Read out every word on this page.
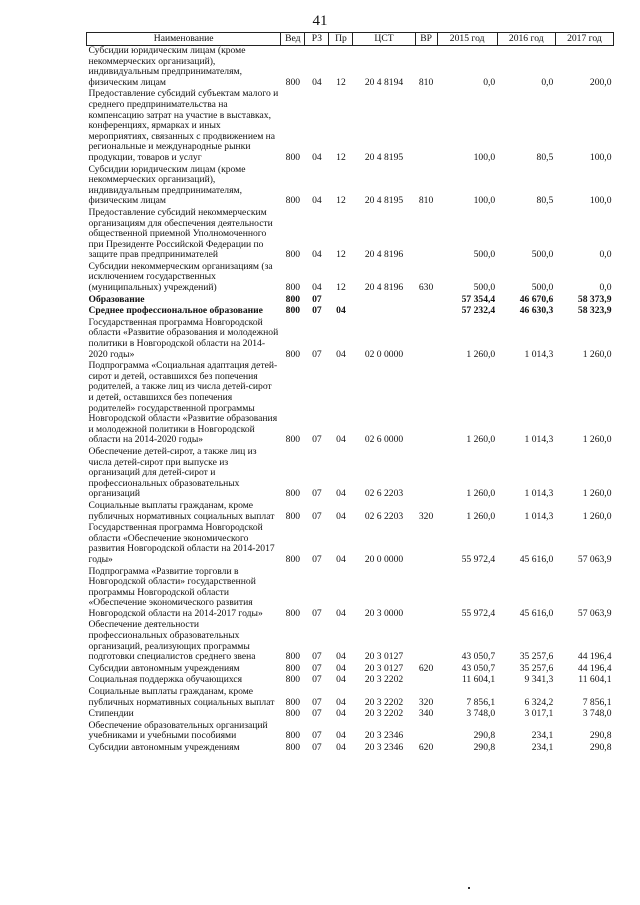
41
Наименование	Вед	РЗ	Пр	ЦСТ	ВР	2015 год	2016 год	2017 год
Субсидии юридическим лицам (кроме некоммерческих организаций), индивидуальным предпринимателям, физическим лицам	800	04	12	20 4 8194	810	0,0	0,0	200,0
Предоставление субсидий субъектам малого и среднего предпринимательства на компенсацию затрат на участие в выставках, конференциях, ярмарках и иных мероприятиях, связанных с продвижением на региональные и международные рынки продукции, товаров и услуг	800	04	12	20 4 8195		100,0	80,5	100,0
Субсидии юридическим лицам (кроме некоммерческих организаций), индивидуальным предпринимателям, физическим лицам	800	04	12	20 4 8195	810	100,0	80,5	100,0
Предоставление субсидий некоммерческим организациям для обеспечения деятельности общественной приемной Уполномоченного при Президенте Российской Федерации по защите прав предпринимателей	800	04	12	20 4 8196		500,0	500,0	0,0
Субсидии некоммерческим организациям (за исключением государственных (муниципальных) учреждений)	800	04	12	20 4 8196	630	500,0	500,0	0,0
Образование	800	07				57 354,4	46 670,6	58 373,9
Среднее профессиональное образование	800	07	04			57 232,4	46 630,3	58 323,9
Государственная программа Новгородской области «Развитие образования и молодежной политики в Новгородской области на 2014-2020 годы»	800	07	04	02 0 0000		1 260,0	1 014,3	1 260,0
Подпрограмма «Социальная адаптация детей-сирот и детей, оставшихся без попечения родителей, а также лиц из числа детей-сирот и детей, оставшихся без попечения родителей» государственной программы Новгородской области «Развитие образования и молодежной политики в Новгородской области на 2014-2020 годы»	800	07	04	02 6 0000		1 260,0	1 014,3	1 260,0
Обеспечение детей-сирот, а также лиц из числа детей-сирот при выпуске из организаций для детей-сирот и профессиональных образовательных организаций	800	07	04	02 6 2203		1 260,0	1 014,3	1 260,0
Социальные выплаты гражданам, кроме публичных нормативных социальных выплат	800	07	04	02 6 2203	320	1 260,0	1 014,3	1 260,0
Государственная программа Новгородской области «Обеспечение экономического развития Новгородской области на 2014-2017 годы»	800	07	04	20 0 0000		55 972,4	45 616,0	57 063,9
Подпрограмма «Развитие торговли в Новгородской области» государственной программы Новгородской области «Обеспечение экономического развития Новгородской области на 2014-2017 годы»	800	07	04	20 3 0000		55 972,4	45 616,0	57 063,9
Обеспечение деятельности профессиональных образовательных организаций, реализующих программы подготовки специалистов среднего звена	800	07	04	20 3 0127		43 050,7	35 257,6	44 196,4
Субсидии автономным учреждениям	800	07	04	20 3 0127	620	43 050,7	35 257,6	44 196,4
Социальная поддержка обучающихся	800	07	04	20 3 2202		11 604,1	9 341,3	11 604,1
Социальные выплаты гражданам, кроме публичных нормативных социальных выплат	800	07	04	20 3 2202	320	7 856,1	6 324,2	7 856,1
Стипендии	800	07	04	20 3 2202	340	3 748,0	3 017,1	3 748,0
Обеспечение образовательных организаций учебниками и учебными пособиями	800	07	04	20 3 2346		290,8	234,1	290,8
Субсидии автономным учреждениям	800	07	04	20 3 2346	620	290,8	234,1	290,8
